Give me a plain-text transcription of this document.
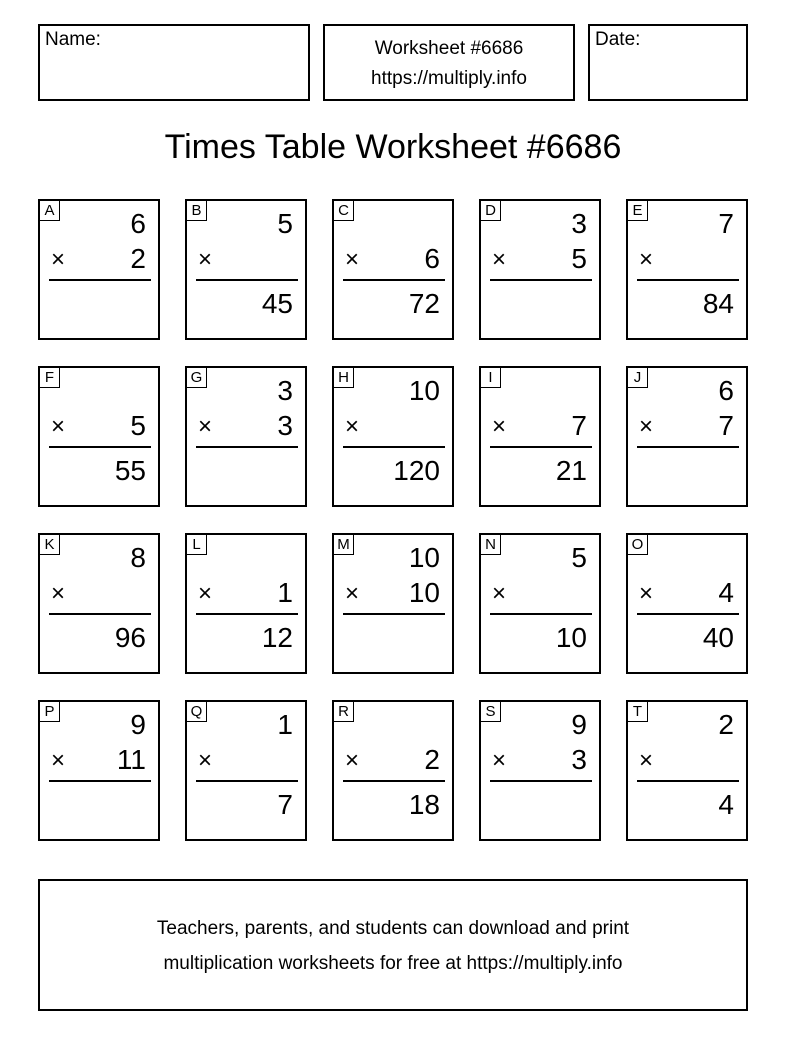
Name:	Worksheet #6686
https://multiply.info
Date:
Times Table Worksheet #6686
A	6
× 2
B	5
×
45
C
× 6
72
D	3
× 5
E	7
×
84
F
× 5
55
G	3
× 3
H 10
×
120
I
× 7
21
J	6
× 7
K	8
×
96
L
× 1
12
M 10
× 10
N	5
×
10
O
× 4
40
P	9
× 11
Q	1
×
7
R
× 2
18
S	9
× 3
T	2
×
4
Teachers, parents, and students can download and print
multiplication worksheets for free at https://multiply.info
